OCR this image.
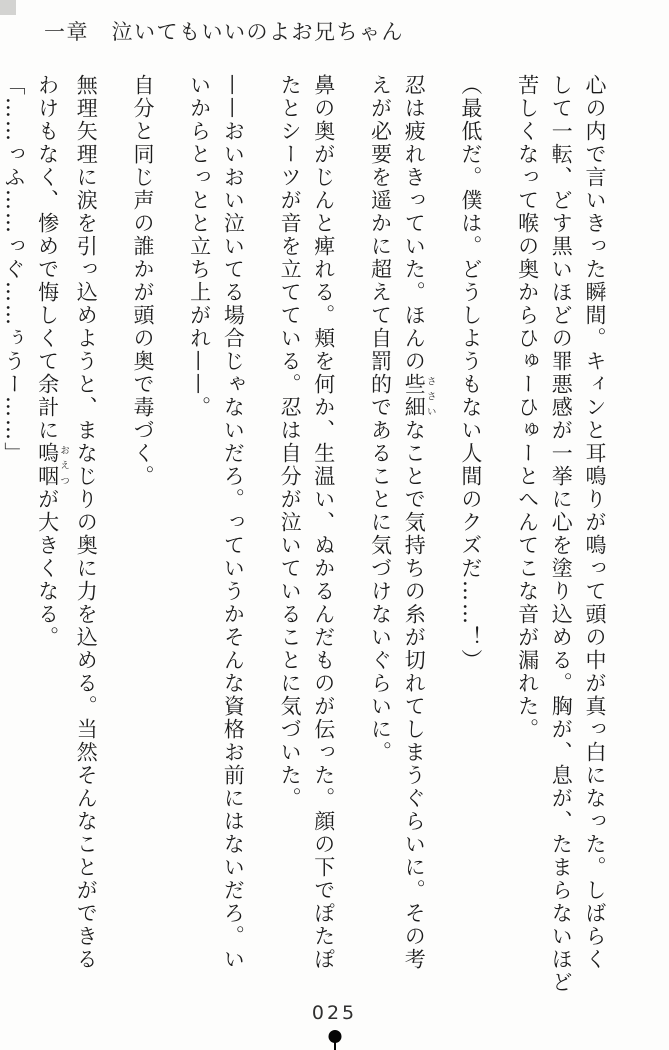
一章　泣いてもいいのよお兄ちゃん
心の内で言いきった瞬間。キィンと耳鳴りが鳴って頭の中が真っ白になった。しばらく
して一転、どす黒いほどの罪悪感が一挙に心を塗り込める。胸が、息が、たまらないほど
苦しくなって喉の奥からひゅーひゅーとへんてこな音が漏れた。
（最低だ。僕は。どうしようもない人間のクズだ……！）
忍は疲れきっていた。ほんの些細ささいなことで気持ちの糸が切れてしまうぐらいに。その考
えが必要を遥かに超えて自罰的であることに気づけないぐらいに。
鼻の奥がじんと痺れる。頬を何か、生温い、ぬかるんだものが伝った。顔の下でぽたぽ
たとシーツが音を立てている。忍は自分が泣いていることに気づいた。
——おいおい泣いてる場合じゃないだろ。っていうかそんな資格お前にはないだろ。い
いからとっとと立ち上がれ——。
自分と同じ声の誰かが頭の奥で毒づく。
無理矢理に涙を引っ込めようと、まなじりの奥に力を込める。当然そんなことができる
わけもなく、惨めで悔しくて余計に嗚咽おえつが大きくなる。
「……っふ……っぐ……ぅうー……」
025
